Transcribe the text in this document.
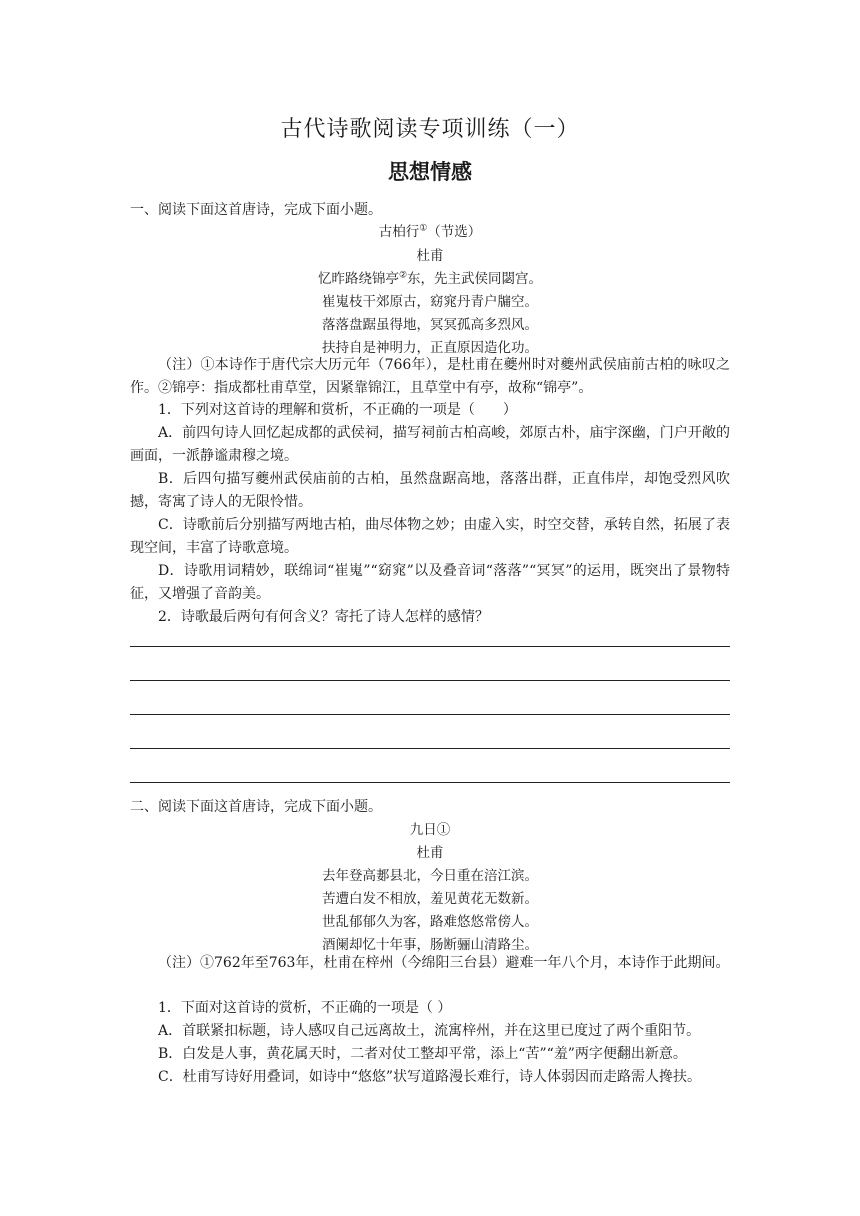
古代诗歌阅读专项训练（一）
思想情感
一、阅读下面这首唐诗，完成下面小题。
古柏行①（节选）
杜甫
忆昨路绕锦亭②东，先主武侯同閟宫。
崔嵬枝干郊原古，窈窕丹青户牖空。
落落盘踞虽得地，冥冥孤高多烈风。
扶持自是神明力，正直原因造化功。

（注）①本诗作于唐代宗大历元年（766年），是杜甫在夔州时对夔州武侯庙前古柏的咏叹之作。②锦亭：指成都杜甫草堂，因紧靠锦江，且草堂中有亭，故称“锦亭”。

1．下列对这首诗的理解和赏析，不正确的一项是（　　）

A．前四句诗人回忆起成都的武侯祠，描写祠前古柏高峻，郊原古朴，庙宇深幽，门户开敞的画面，一派静谧肃穆之境。

B．后四句描写夔州武侯庙前的古柏，虽然盘踞高地，落落出群，正直伟岸，却饱受烈风吹撼，寄寓了诗人的无限怜惜。

C．诗歌前后分别描写两地古柏，曲尽体物之妙；由虚入实，时空交替，承转自然，拓展了表现空间，丰富了诗歌意境。

D．诗歌用词精妙，联绵词“崔嵬”“窈窕”以及叠音词“落落”“冥冥”的运用，既突出了景物特征，又增强了音韵美。

2．诗歌最后两句有何含义？寄托了诗人怎样的感情？

二、阅读下面这首唐诗，完成下面小题。
九日①
杜甫
去年登高郪县北，今日重在涪江滨。
苦遭白发不相放，羞见黄花无数新。
世乱郁郁久为客，路难悠悠常傍人。
酒阑却忆十年事，肠断骊山清路尘。

（注）①762年至763年，杜甫在梓州（今绵阳三台县）避难一年八个月，本诗作于此期间。

1．下面对这首诗的赏析，不正确的一项是（ ）

A．首联紧扣标题，诗人感叹自己远离故土，流寓梓州，并在这里已度过了两个重阳节。

B．白发是人事，黄花属天时，二者对仗工整却平常，添上“苦”“羞”两字便翻出新意。

C．杜甫写诗好用叠词，如诗中“悠悠”状写道路漫长难行，诗人体弱因而走路需人搀扶。
